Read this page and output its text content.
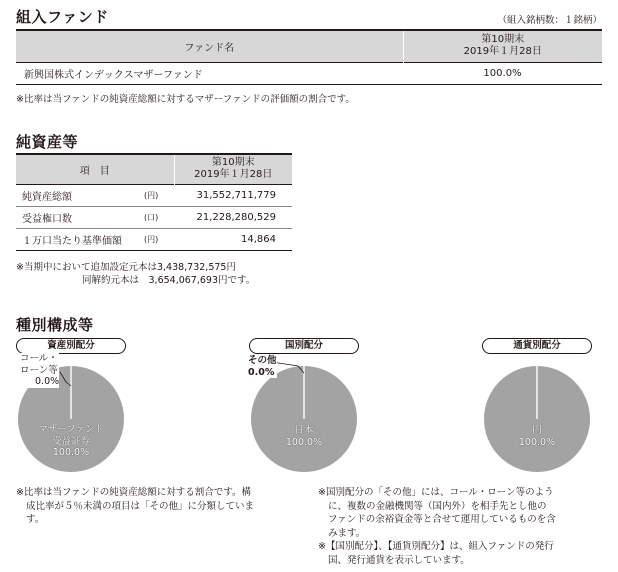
組入ファンド	（組入銘柄数：１銘柄）
ファンド名	第10期末
2019年１月28日

新興国株式インデックスマザーファンド	100.0%
※比率は当ファンドの純資産総額に対するマザーファンドの評価額の割合です。
純資産等
項　目		第10期末
2019年１月28日

純資産総額	(円)	31,552,711,779
受益権口数	(口)	21,228,280,529
１万口当たり基準価額	(円)	14,864
※当期中において追加設定元本は3,438,732,575円
同解約元本は　3,654,067,693円です。
種別構成等
資産別配分
コール・
ローン等
0.0%
マザーファンド
受益証券
100.0%
国別配分
その他
0.0%
日本
100.0%
通貨別配分
円
100.0%
※比率は当ファンドの純資産総額に対する割合です。構
成比率が５％未満の項目は「その他」に分類していま
す。
※国別配分の「その他」には、コール・ローン等のよう
に、複数の金融機関等（国内外）を相手先とし他の
ファンドの余裕資金等と合せて運用しているものを含
みます。
※【国別配分】、【通貨別配分】は、組入ファンドの発行
国、発行通貨を表示しています。
